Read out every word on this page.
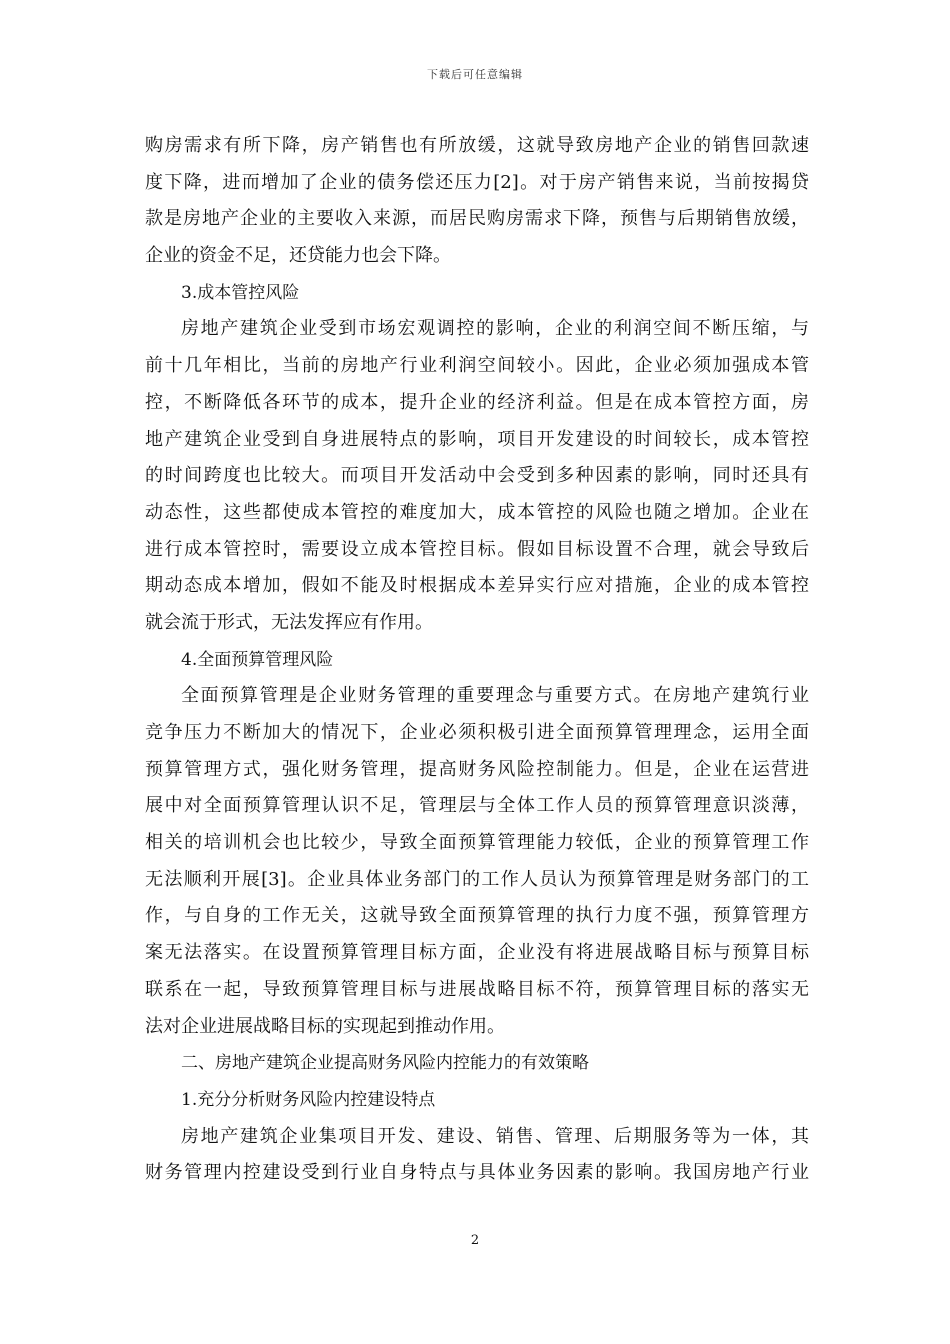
下载后可任意编辑
购房需求有所下降，房产销售也有所放缓，这就导致房地产企业的销售回款速
度下降，进而增加了企业的债务偿还压力[2]。对于房产销售来说，当前按揭贷
款是房地产企业的主要收入来源，而居民购房需求下降，预售与后期销售放缓，
企业的资金不足，还贷能力也会下降。
3.成本管控风险
房地产建筑企业受到市场宏观调控的影响，企业的利润空间不断压缩，与
前十几年相比，当前的房地产行业利润空间较小。因此，企业必须加强成本管
控，不断降低各环节的成本，提升企业的经济利益。但是在成本管控方面，房
地产建筑企业受到自身进展特点的影响，项目开发建设的时间较长，成本管控
的时间跨度也比较大。而项目开发活动中会受到多种因素的影响，同时还具有
动态性，这些都使成本管控的难度加大，成本管控的风险也随之增加。企业在
进行成本管控时，需要设立成本管控目标。假如目标设置不合理，就会导致后
期动态成本增加，假如不能及时根据成本差异实行应对措施，企业的成本管控
就会流于形式，无法发挥应有作用。
4.全面预算管理风险
全面预算管理是企业财务管理的重要理念与重要方式。在房地产建筑行业
竞争压力不断加大的情况下，企业必须积极引进全面预算管理理念，运用全面
预算管理方式，强化财务管理，提高财务风险控制能力。但是，企业在运营进
展中对全面预算管理认识不足，管理层与全体工作人员的预算管理意识淡薄，
相关的培训机会也比较少，导致全面预算管理能力较低，企业的预算管理工作
无法顺利开展[3]。企业具体业务部门的工作人员认为预算管理是财务部门的工
作，与自身的工作无关，这就导致全面预算管理的执行力度不强，预算管理方
案无法落实。在设置预算管理目标方面，企业没有将进展战略目标与预算目标
联系在一起，导致预算管理目标与进展战略目标不符，预算管理目标的落实无
法对企业进展战略目标的实现起到推动作用。
二、房地产建筑企业提高财务风险内控能力的有效策略
1.充分分析财务风险内控建设特点
房地产建筑企业集项目开发、建设、销售、管理、后期服务等为一体，其
财务管理内控建设受到行业自身特点与具体业务因素的影响。我国房地产行业
2
